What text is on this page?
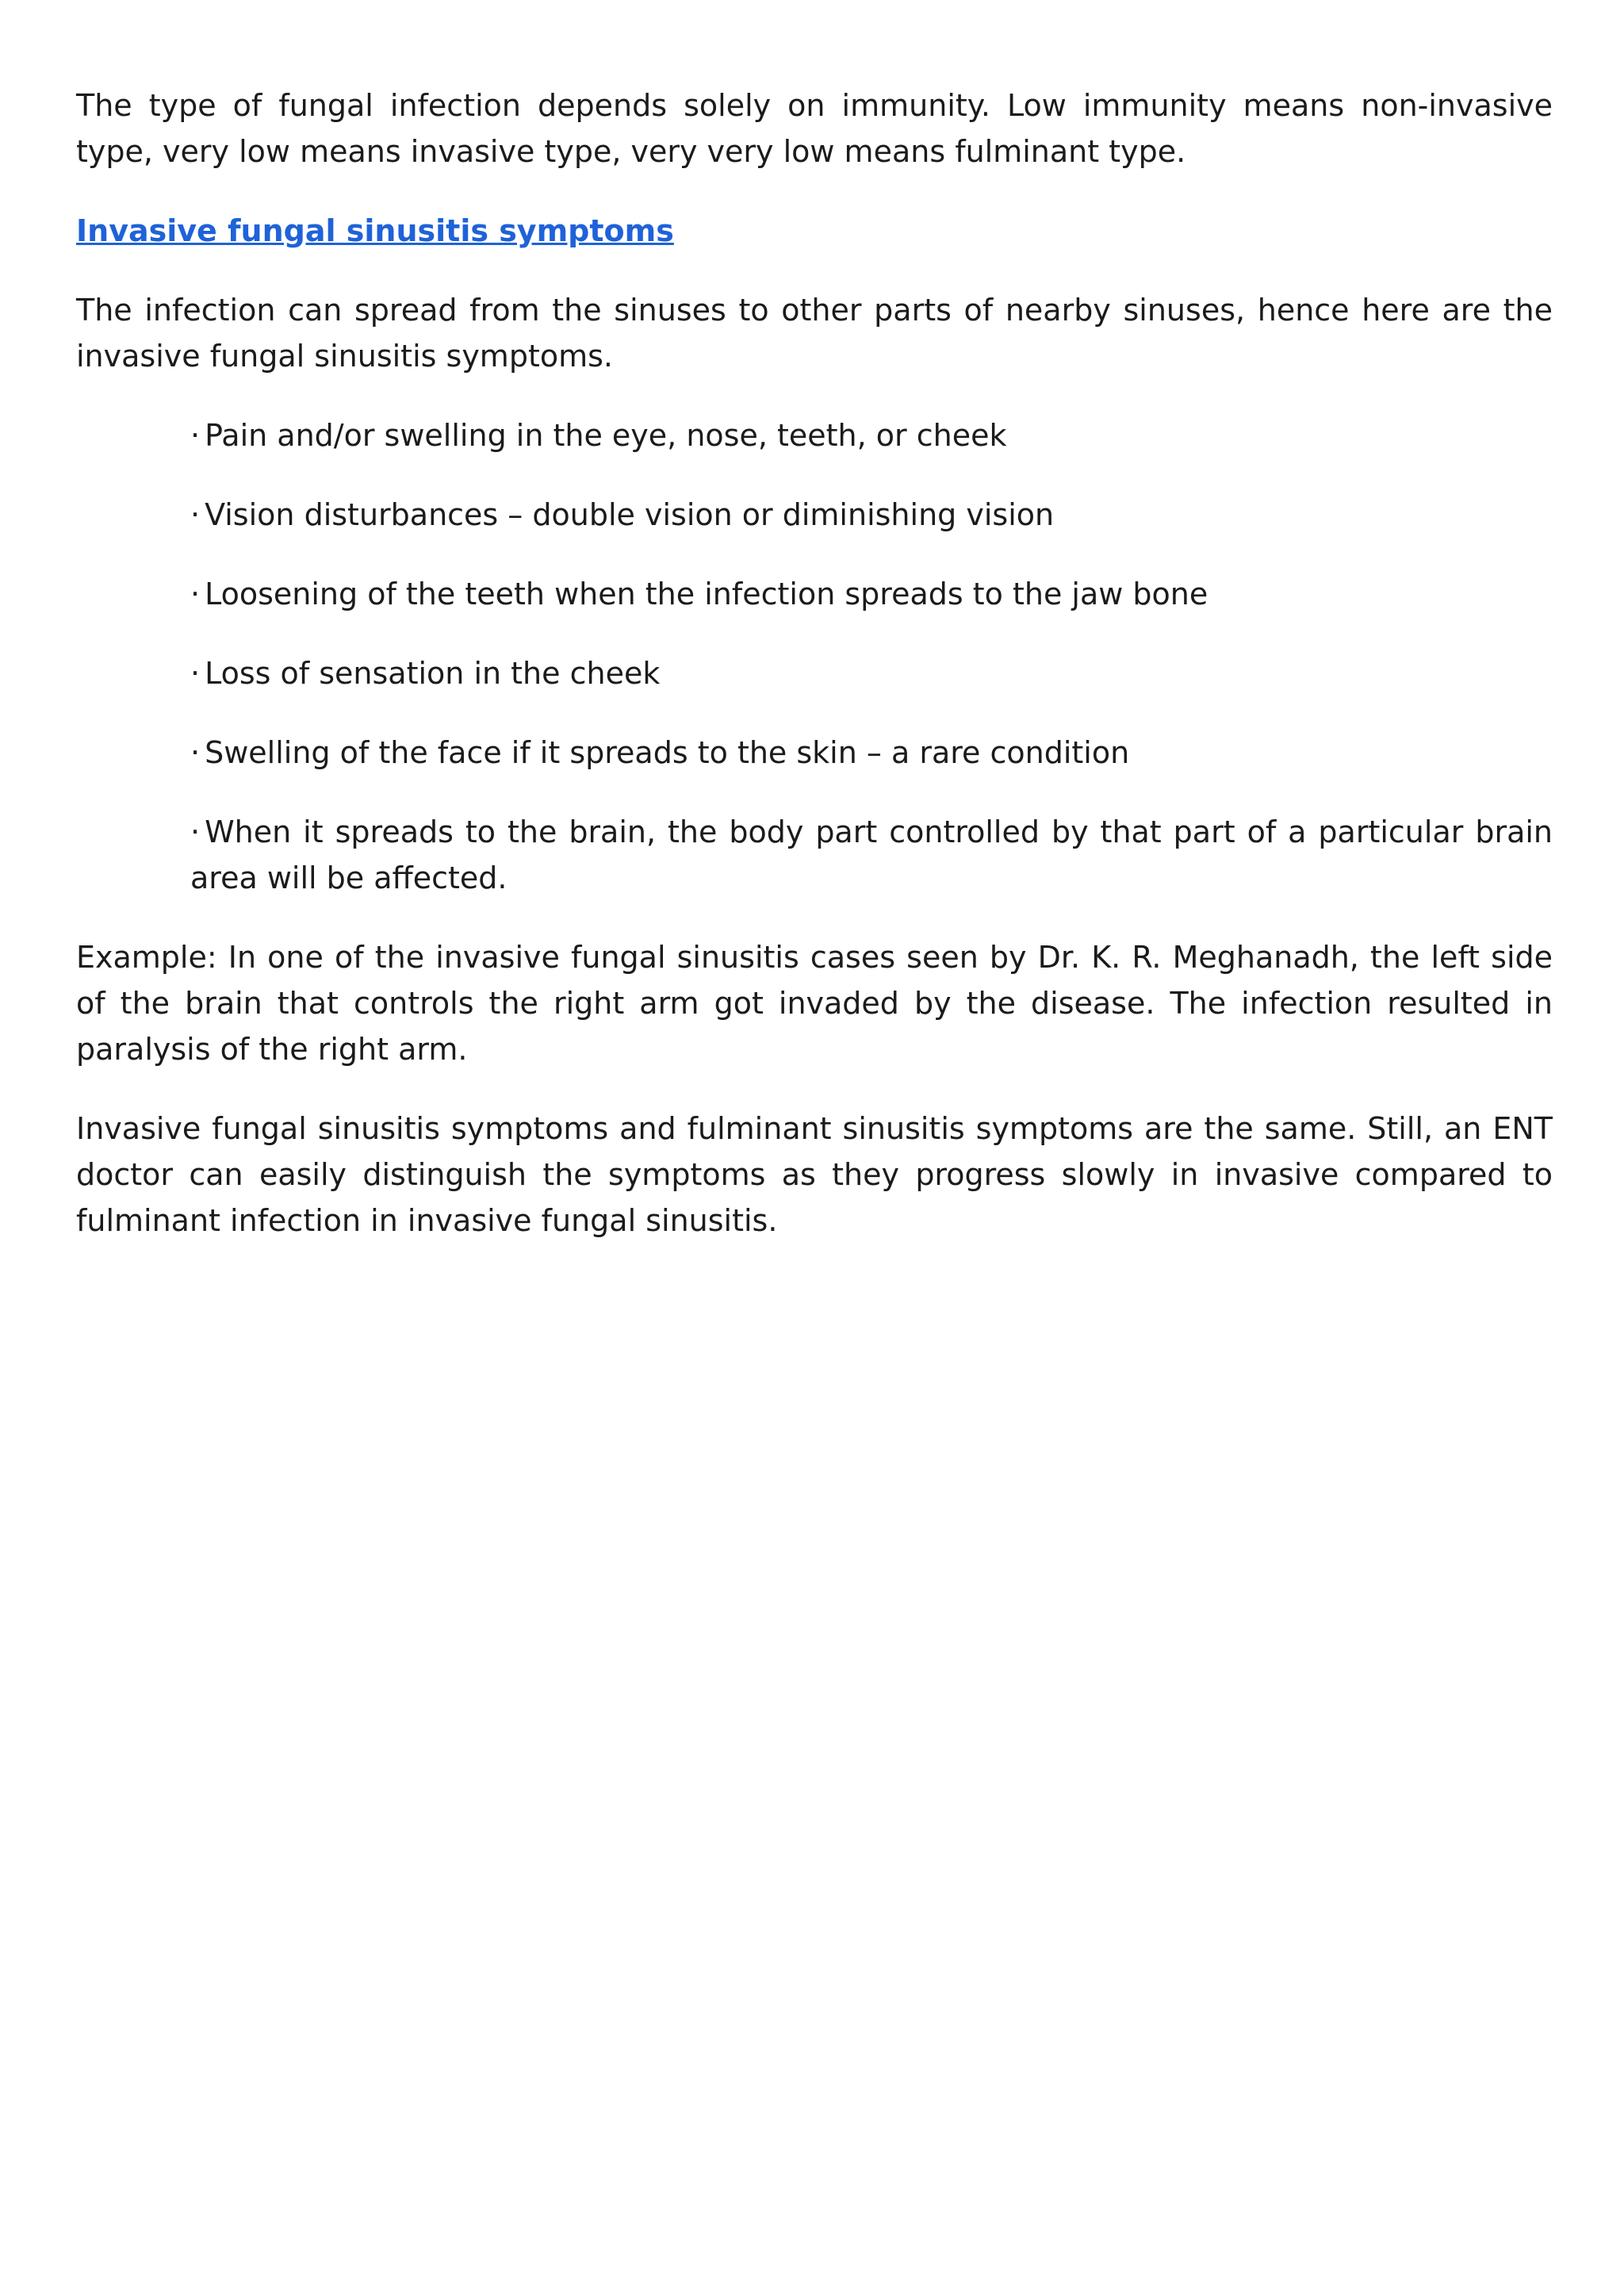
The type of fungal infection depends solely on immunity. Low immunity means non-invasive type, very low means invasive type, very very low means fulminant type.

Invasive fungal sinusitis symptoms

The infection can spread from the sinuses to other parts of nearby sinuses, hence here are the invasive fungal sinusitis symptoms.

· Pain and/or swelling in the eye, nose, teeth, or cheek
· Vision disturbances – double vision or diminishing vision
· Loosening of the teeth when the infection spreads to the jaw bone
· Loss of sensation in the cheek
· Swelling of the face if it spreads to the skin – a rare condition
· When it spreads to the brain, the body part controlled by that part of a particular brain area will be affected.

Example: In one of the invasive fungal sinusitis cases seen by Dr. K. R. Meghanadh, the left side of the brain that controls the right arm got invaded by the disease. The infection resulted in paralysis of the right arm.

Invasive fungal sinusitis symptoms and fulminant sinusitis symptoms are the same. Still, an ENT doctor can easily distinguish the symptoms as they progress slowly in invasive compared to fulminant infection in invasive fungal sinusitis.
